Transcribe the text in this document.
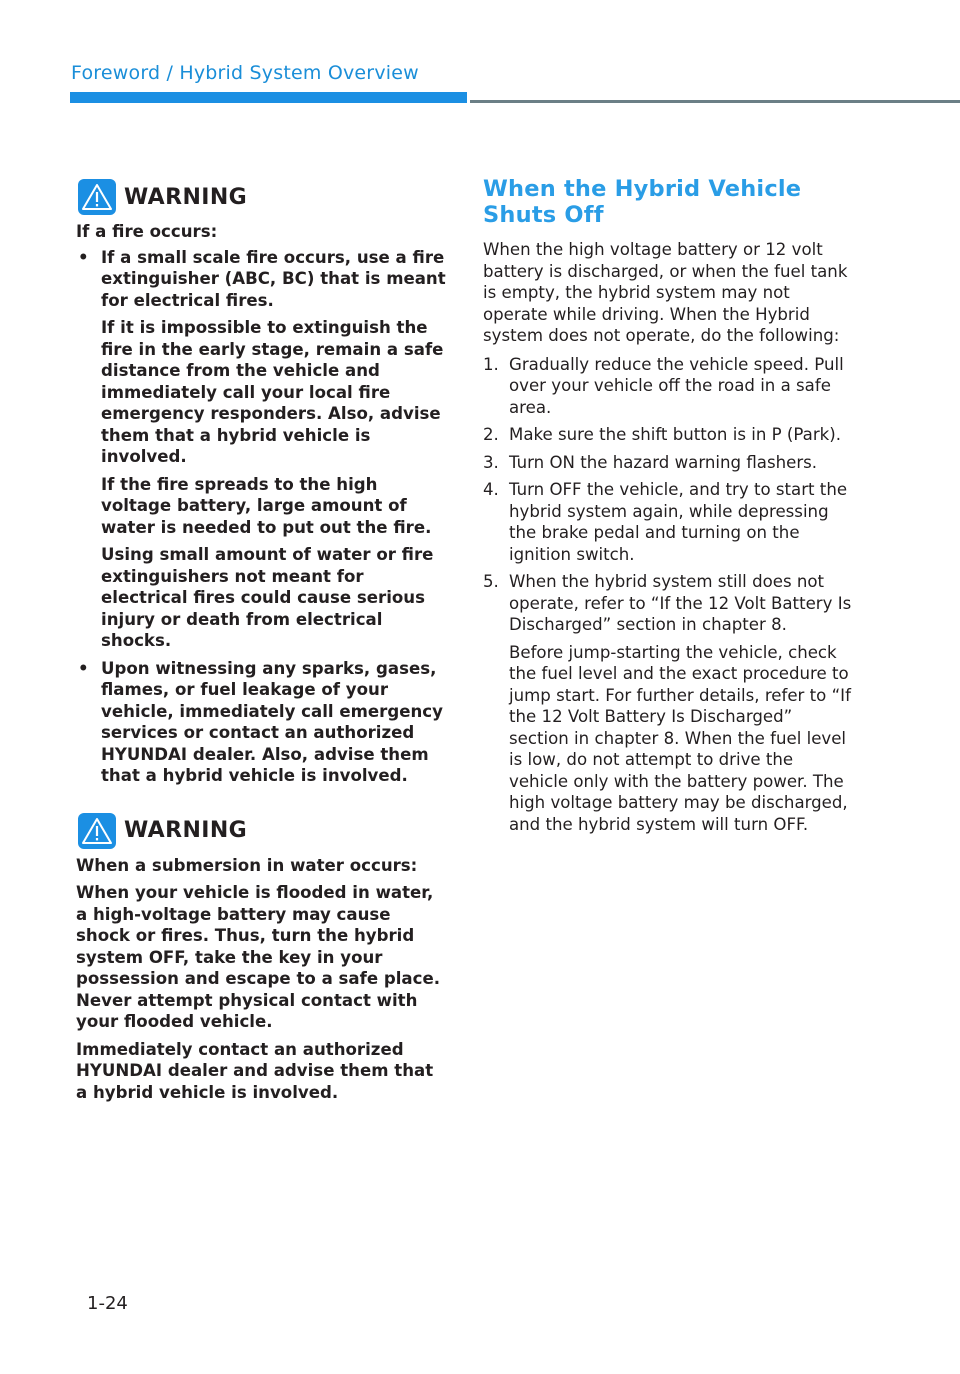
Foreword / Hybrid System Overview
WARNING

If a fire occurs:

• If a small scale fire occurs, use a fire extinguisher (ABC, BC) that is meant for electrical fires.

If it is impossible to extinguish the fire in the early stage, remain a safe distance from the vehicle and immediately call your local fire emergency responders. Also, advise them that a hybrid vehicle is involved.

If the fire spreads to the high voltage battery, large amount of water is needed to put out the fire.

Using small amount of water or fire extinguishers not meant for electrical fires could cause serious injury or death from electrical shocks.

• Upon witnessing any sparks, gases, flames, or fuel leakage of your vehicle, immediately call emergency services or contact an authorized HYUNDAI dealer. Also, advise them that a hybrid vehicle is involved.

WARNING

When a submersion in water occurs:

When your vehicle is flooded in water, a high-voltage battery may cause shock or fires. Thus, turn the hybrid system OFF, take the key in your possession and escape to a safe place. Never attempt physical contact with your flooded vehicle.

Immediately contact an authorized HYUNDAI dealer and advise them that a hybrid vehicle is involved.

When the Hybrid Vehicle Shuts Off

When the high voltage battery or 12 volt battery is discharged, or when the fuel tank is empty, the hybrid system may not operate while driving. When the Hybrid system does not operate, do the following:

1. Gradually reduce the vehicle speed. Pull over your vehicle off the road in a safe area.

2. Make sure the shift button is in P (Park).

3. Turn ON the hazard warning flashers.

4. Turn OFF the vehicle, and try to start the hybrid system again, while depressing the brake pedal and turning on the ignition switch.

5. When the hybrid system still does not operate, refer to “If the 12 Volt Battery Is Discharged” section in chapter 8.

Before jump-starting the vehicle, check the fuel level and the exact procedure to jump start. For further details, refer to “If the 12 Volt Battery Is Discharged” section in chapter 8. When the fuel level is low, do not attempt to drive the vehicle only with the battery power. The high voltage battery may be discharged, and the hybrid system will turn OFF.

1-24
